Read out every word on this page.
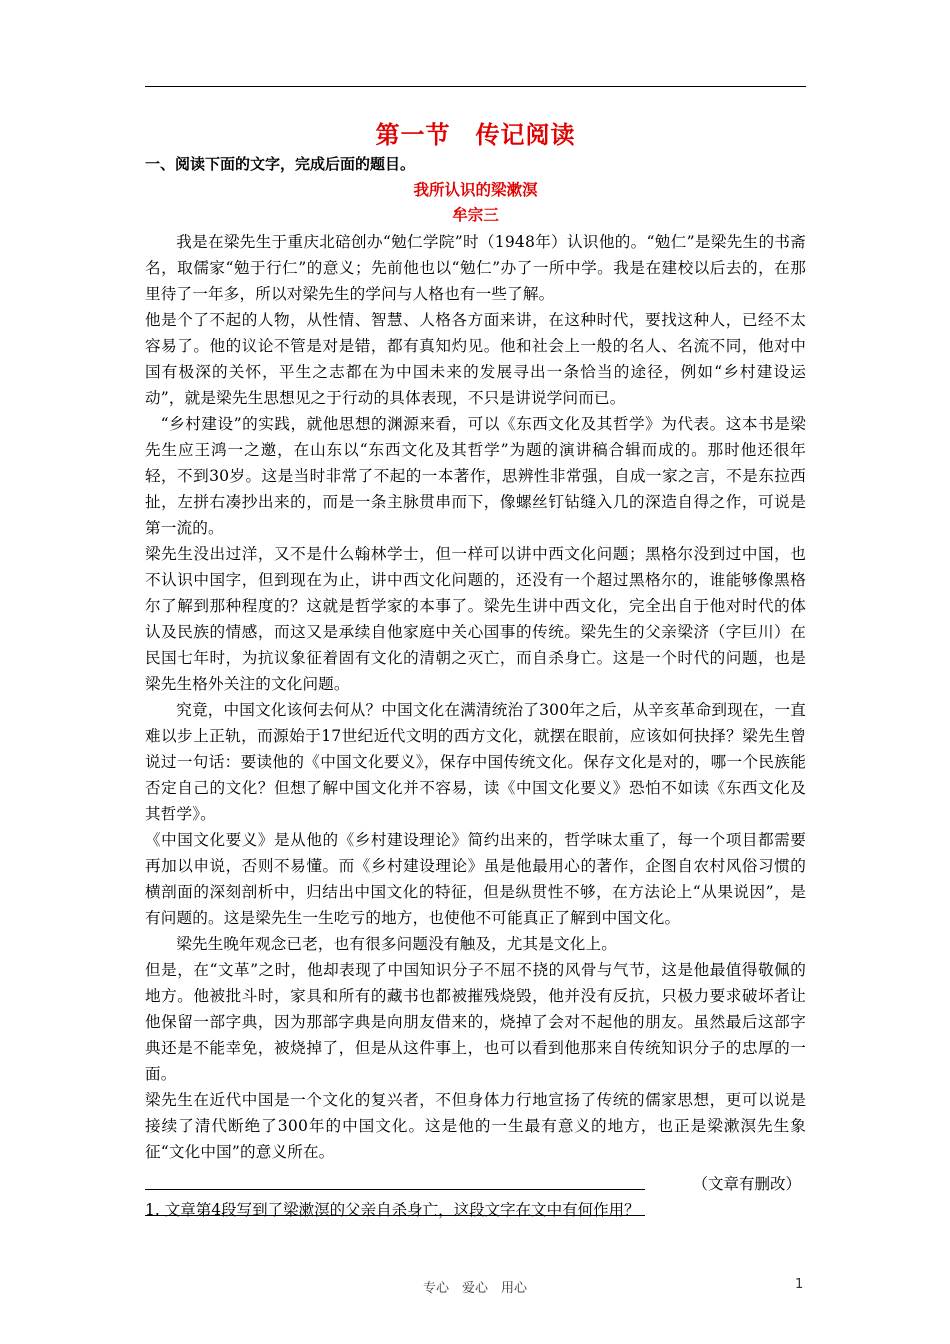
第一节　传记阅读
一、阅读下面的文字，完成后面的题目。
我所认识的梁漱溟
牟宗三

我是在梁先生于重庆北碚创办“勉仁学院”时（1948年）认识他的。“勉仁”是梁先生的书斋名，取儒家“勉于行仁”的意义；先前他也以“勉仁”办了一所中学。我是在建校以后去的，在那里待了一年多，所以对梁先生的学问与人格也有一些了解。

他是个了不起的人物，从性情、智慧、人格各方面来讲，在这种时代，要找这种人，已经不太容易了。他的议论不管是对是错，都有真知灼见。他和社会上一般的名人、名流不同，他对中国有极深的关怀，平生之志都在为中国未来的发展寻出一条恰当的途径，例如“乡村建设运动”，就是梁先生思想见之于行动的具体表现，不只是讲说学问而已。

“乡村建设”的实践，就他思想的渊源来看，可以《东西文化及其哲学》为代表。这本书是梁先生应王鸿一之邀，在山东以“东西文化及其哲学”为题的演讲稿合辑而成的。那时他还很年轻，不到30岁。这是当时非常了不起的一本著作，思辨性非常强，自成一家之言，不是东拉西扯，左拼右凑抄出来的，而是一条主脉贯串而下，像螺丝钉钻缝入几的深造自得之作，可说是第一流的。

梁先生没出过洋，又不是什么翰林学士，但一样可以讲中西文化问题；黑格尔没到过中国，也不认识中国字，但到现在为止，讲中西文化问题的，还没有一个超过黑格尔的，谁能够像黑格尔了解到那种程度的？这就是哲学家的本事了。梁先生讲中西文化，完全出自于他对时代的体认及民族的情感，而这又是承续自他家庭中关心国事的传统。梁先生的父亲梁济（字巨川）在民国七年时，为抗议象征着固有文化的清朝之灭亡，而自杀身亡。这是一个时代的问题，也是梁先生格外关注的文化问题。

究竟，中国文化该何去何从？中国文化在满清统治了300年之后，从辛亥革命到现在，一直难以步上正轨，而源始于17世纪近代文明的西方文化，就摆在眼前，应该如何抉择？梁先生曾说过一句话：要读他的《中国文化要义》，保存中国传统文化。保存文化是对的，哪一个民族能否定自己的文化？但想了解中国文化并不容易，读《中国文化要义》恐怕不如读《东西文化及其哲学》。

《中国文化要义》是从他的《乡村建设理论》简约出来的，哲学味太重了，每一个项目都需要再加以申说，否则不易懂。而《乡村建设理论》虽是他最用心的著作，企图自农村风俗习惯的横剖面的深刻剖析中，归结出中国文化的特征，但是纵贯性不够，在方法论上“从果说因”，是有问题的。这是梁先生一生吃亏的地方，也使他不可能真正了解到中国文化。

梁先生晚年观念已老，也有很多问题没有触及，尤其是文化上。

但是，在“文革”之时，他却表现了中国知识分子不屈不挠的风骨与气节，这是他最值得敬佩的地方。他被批斗时，家具和所有的藏书也都被摧残烧毁，他并没有反抗，只极力要求破坏者让他保留一部字典，因为那部字典是向朋友借来的，烧掉了会对不起他的朋友。虽然最后这部字典还是不能幸免，被烧掉了，但是从这件事上，也可以看到他那来自传统知识分子的忠厚的一面。

梁先生在近代中国是一个文化的复兴者，不但身体力行地宣扬了传统的儒家思想，更可以说是接续了清代断绝了300年的中国文化。这是他的一生最有意义的地方，也正是梁漱溟先生象征“文化中国”的意义所在。

（文章有删改）
1. 文章第4段写到了梁漱溟的父亲自杀身亡，这段文字在文中有何作用？
专心　爱心　用心	1
